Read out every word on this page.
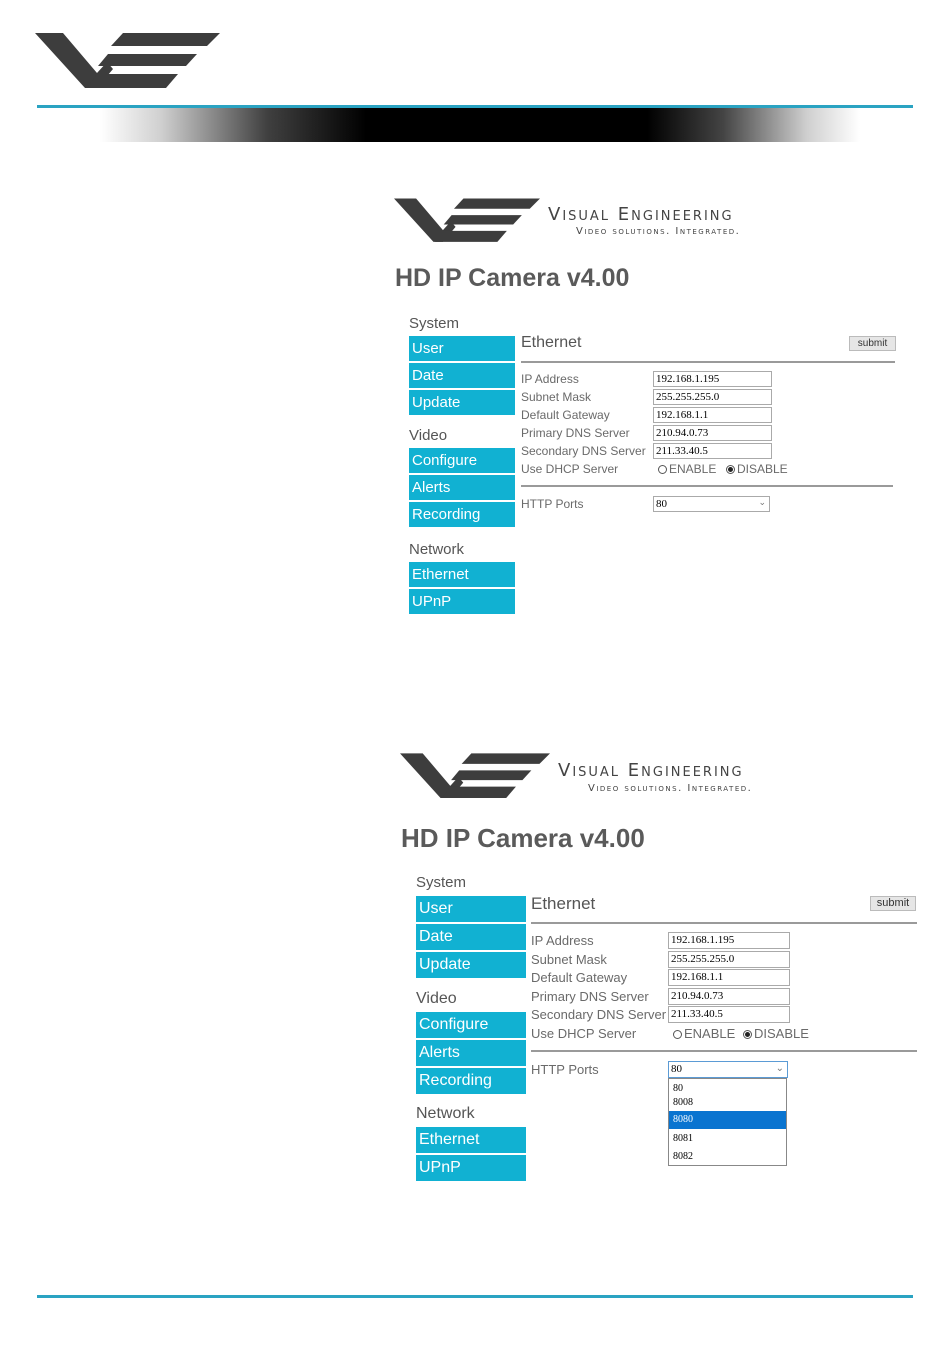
Visual Engineering
Video solutions. Integrated.
HD IP Camera v4.00
System
User
Date
Update
Video
Configure
Alerts
Recording
Network
Ethernet
UPnP
Ethernet	submit
IP Address	192.168.1.195
Subnet Mask	255.255.255.0
Default Gateway	192.168.1.1
Primary DNS Server 210.94.0.73
Secondary DNS Server 211.33.40.5
Use DHCP Server	ENABLE	DISABLE
HTTP Ports	80	⌄
Visual Engineering
Video solutions. Integrated.
HD IP Camera v4.00
System
User
Date
Update
Video
Configure
Alerts
Recording
Network
Ethernet
UPnP
Ethernet	submit
IP Address	192.168.1.195
Subnet Mask	255.255.255.0
Default Gateway	192.168.1.1
Primary DNS Server 210.94.0.73
Secondary DNS Server 211.33.40.5
Use DHCP Server	ENABLE	DISABLE
HTTP Ports	80	⌄
80
8008
8080
8081
8082
